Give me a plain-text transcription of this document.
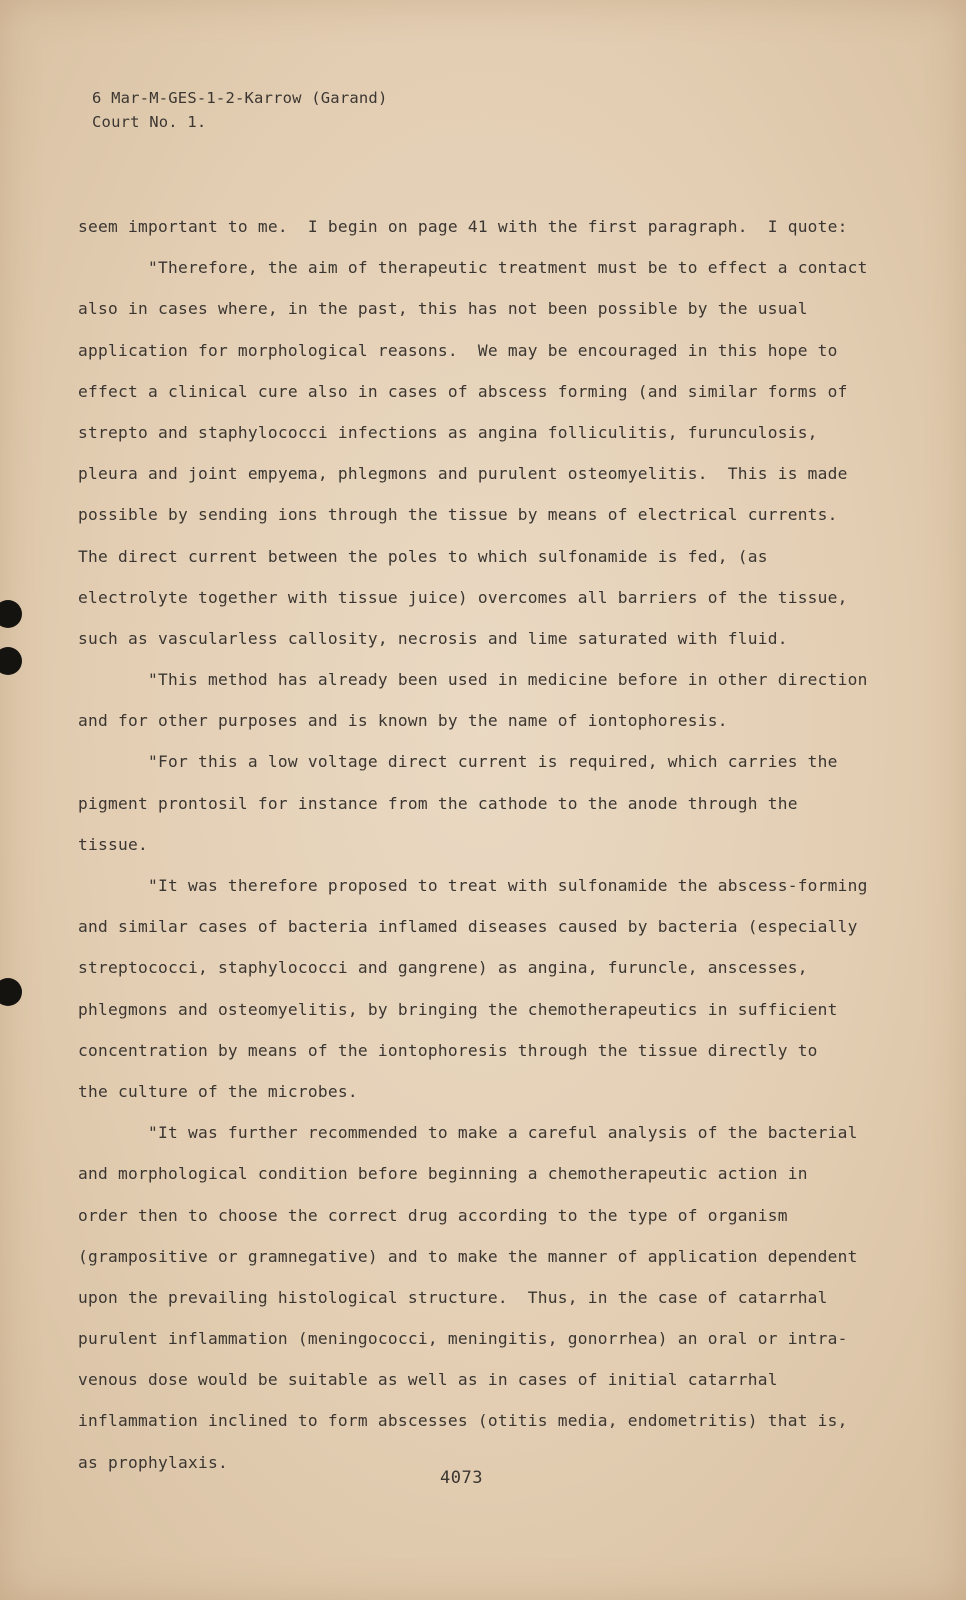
6 Mar-M-GES-1-2-Karrow (Garand)
Court No. 1.
seem important to me.  I begin on page 41 with the first paragraph.  I quote:
"Therefore, the aim of therapeutic treatment must be to effect a contact
also in cases where, in the past, this has not been possible by the usual
application for morphological reasons.  We may be encouraged in this hope to
effect a clinical cure also in cases of abscess forming (and similar forms of
strepto and staphylococci infections as angina folliculitis, furunculosis,
pleura and joint empyema, phlegmons and purulent osteomyelitis.  This is made
possible by sending ions through the tissue by means of electrical currents.
The direct current between the poles to which sulfonamide is fed, (as
electrolyte together with tissue juice) overcomes all barriers of the tissue,
such as vascularless callosity, necrosis and lime saturated with fluid.
"This method has already been used in medicine before in other direction
and for other purposes and is known by the name of iontophoresis.
"For this a low voltage direct current is required, which carries the
pigment prontosil for instance from the cathode to the anode through the
tissue.
"It was therefore proposed to treat with sulfonamide the abscess-forming
and similar cases of bacteria inflamed diseases caused by bacteria (especially
streptococci, staphylococci and gangrene) as angina, furuncle, anscesses,
phlegmons and osteomyelitis, by bringing the chemotherapeutics in sufficient
concentration by means of the iontophoresis through the tissue directly to
the culture of the microbes.
"It was further recommended to make a careful analysis of the bacterial
and morphological condition before beginning a chemotherapeutic action in
order then to choose the correct drug according to the type of organism
(grampositive or gramnegative) and to make the manner of application dependent
upon the prevailing histological structure.  Thus, in the case of catarrhal
purulent inflammation (meningococci, meningitis, gonorrhea) an oral or intra-
venous dose would be suitable as well as in cases of initial catarrhal
inflammation inclined to form abscesses (otitis media, endometritis) that is,
as prophylaxis.
4073
